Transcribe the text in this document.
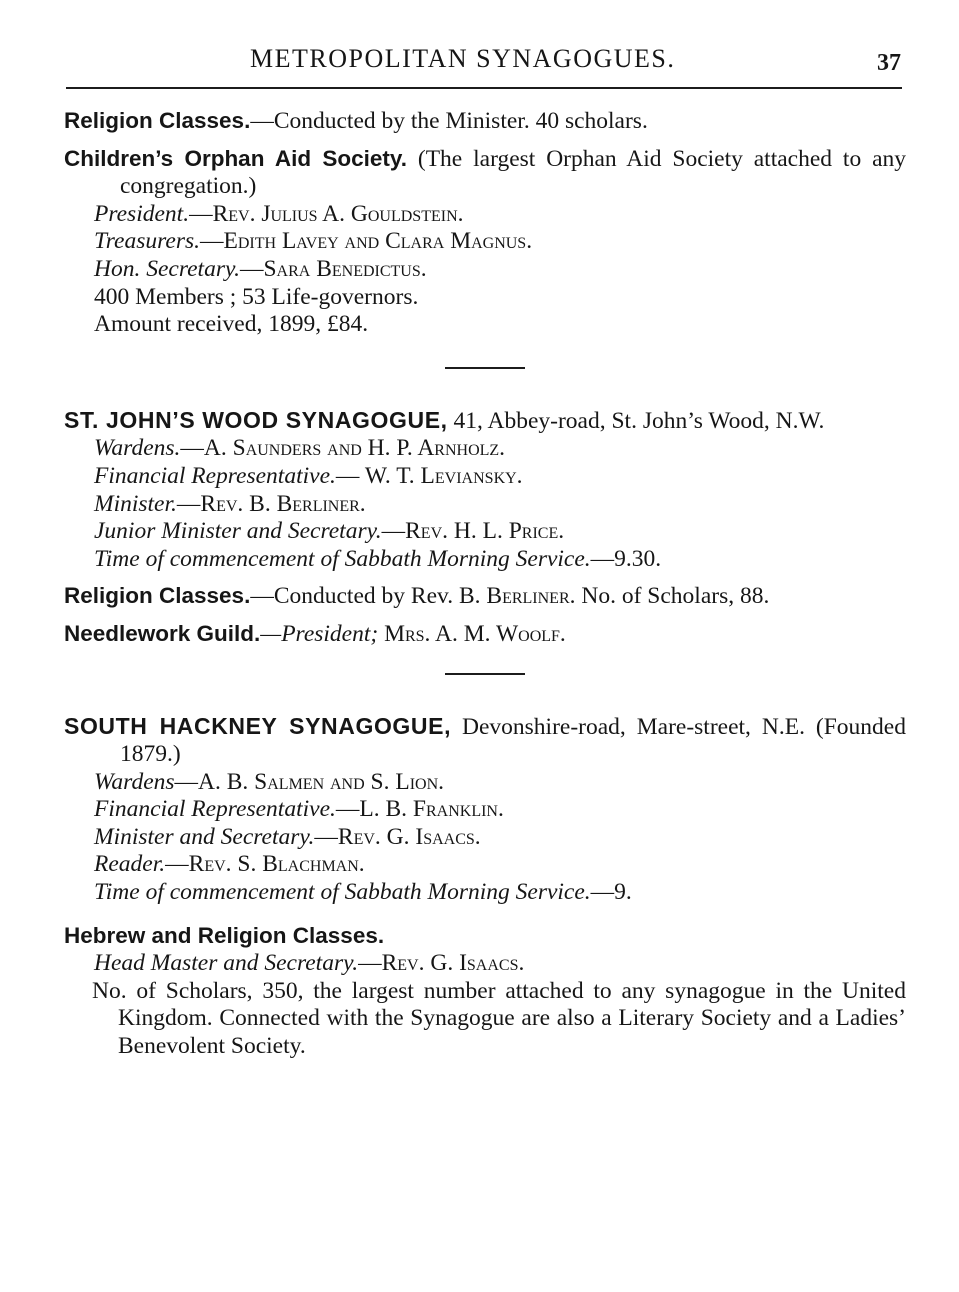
METROPOLITAN SYNAGOGUES.	37

Religion Classes.—Conducted by the Minister. 40 scholars.

Children’s Orphan Aid Society. (The largest Orphan Aid Society attached to any congregation.)

President.—Rev. Julius A. Gouldstein.
Treasurers.—Edith Lavey and Clara Magnus.
Hon. Secretary.—Sara Benedictus.
400 Members ; 53 Life-governors.
Amount received, 1899, £84.

ST. JOHN’S WOOD SYNAGOGUE, 41, Abbey-road, St. John’s Wood, N.W.

Wardens.—A. Saunders and H. P. Arnholz.
Financial Representative.— W. T. Leviansky.
Minister.—Rev. B. Berliner.
Junior Minister and Secretary.—Rev. H. L. Price.
Time of commencement of Sabbath Morning Service.—9.30.

Religion Classes.—Conducted by Rev. B. Berliner. No. of Scholars, 88.

Needlework Guild.—President; Mrs. A. M. Woolf.

SOUTH HACKNEY SYNAGOGUE, Devonshire-road, Mare-street, N.E. (Founded 1879.)

Wardens—A. B. Salmen and S. Lion.
Financial Representative.—L. B. Franklin.
Minister and Secretary.—Rev. G. Isaacs.
Reader.—Rev. S. Blachman.
Time of commencement of Sabbath Morning Service.—9.

Hebrew and Religion Classes.

Head Master and Secretary.—Rev. G. Isaacs.
No. of Scholars, 350, the largest number attached to any synagogue in the United Kingdom. Connected with the Synagogue are also a Literary Society and a Ladies’ Benevolent Society.
